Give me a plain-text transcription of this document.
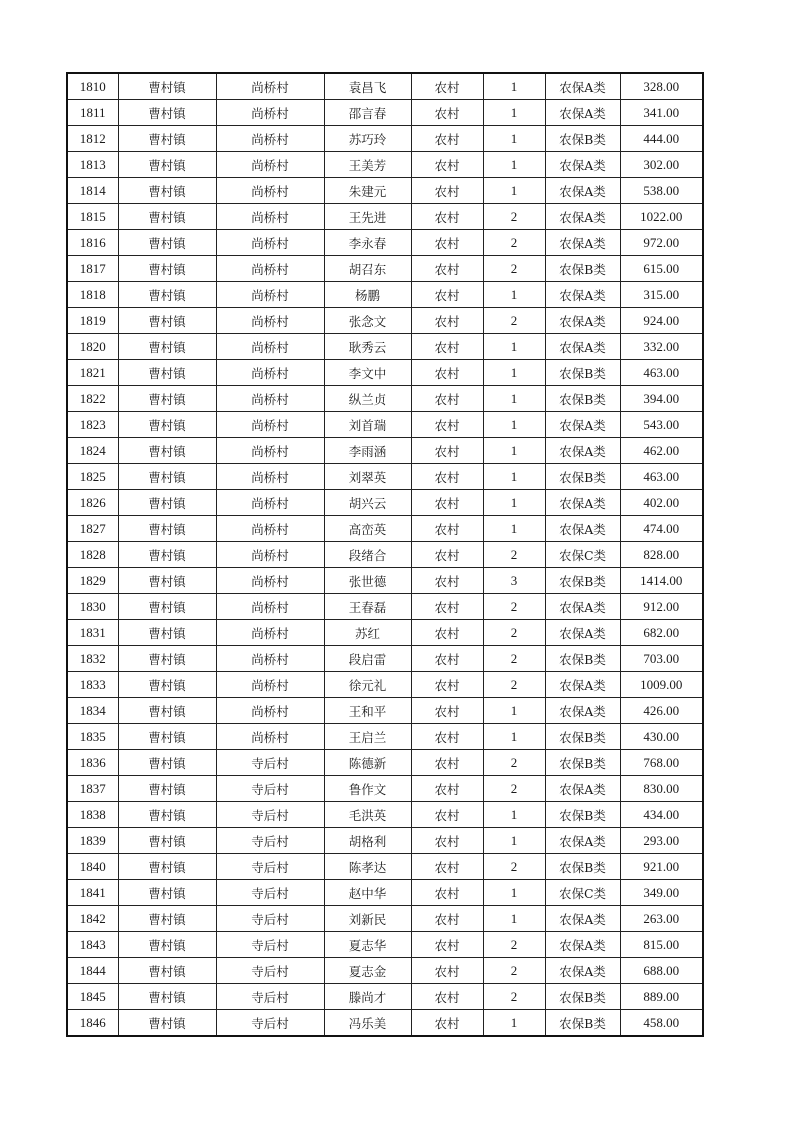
1810	曹村镇	尚桥村	袁昌飞	农村	1	农保A类	328.00
1811	曹村镇	尚桥村	邵言春	农村	1	农保A类	341.00
1812	曹村镇	尚桥村	苏巧玲	农村	1	农保B类	444.00
1813	曹村镇	尚桥村	王美芳	农村	1	农保A类	302.00
1814	曹村镇	尚桥村	朱建元	农村	1	农保A类	538.00
1815	曹村镇	尚桥村	王先进	农村	2	农保A类	1022.00
1816	曹村镇	尚桥村	李永春	农村	2	农保A类	972.00
1817	曹村镇	尚桥村	胡召东	农村	2	农保B类	615.00
1818	曹村镇	尚桥村	杨鹏	农村	1	农保A类	315.00
1819	曹村镇	尚桥村	张念文	农村	2	农保A类	924.00
1820	曹村镇	尚桥村	耿秀云	农村	1	农保A类	332.00
1821	曹村镇	尚桥村	李文中	农村	1	农保B类	463.00
1822	曹村镇	尚桥村	纵兰贞	农村	1	农保B类	394.00
1823	曹村镇	尚桥村	刘首瑞	农村	1	农保A类	543.00
1824	曹村镇	尚桥村	李雨涵	农村	1	农保A类	462.00
1825	曹村镇	尚桥村	刘翠英	农村	1	农保B类	463.00
1826	曹村镇	尚桥村	胡兴云	农村	1	农保A类	402.00
1827	曹村镇	尚桥村	高峦英	农村	1	农保A类	474.00
1828	曹村镇	尚桥村	段绪合	农村	2	农保C类	828.00
1829	曹村镇	尚桥村	张世德	农村	3	农保B类	1414.00
1830	曹村镇	尚桥村	王春磊	农村	2	农保A类	912.00
1831	曹村镇	尚桥村	苏红	农村	2	农保A类	682.00
1832	曹村镇	尚桥村	段启雷	农村	2	农保B类	703.00
1833	曹村镇	尚桥村	徐元礼	农村	2	农保A类	1009.00
1834	曹村镇	尚桥村	王和平	农村	1	农保A类	426.00
1835	曹村镇	尚桥村	王启兰	农村	1	农保B类	430.00
1836	曹村镇	寺后村	陈德新	农村	2	农保B类	768.00
1837	曹村镇	寺后村	鲁作文	农村	2	农保A类	830.00
1838	曹村镇	寺后村	毛洪英	农村	1	农保B类	434.00
1839	曹村镇	寺后村	胡格利	农村	1	农保A类	293.00
1840	曹村镇	寺后村	陈孝达	农村	2	农保B类	921.00
1841	曹村镇	寺后村	赵中华	农村	1	农保C类	349.00
1842	曹村镇	寺后村	刘新民	农村	1	农保A类	263.00
1843	曹村镇	寺后村	夏志华	农村	2	农保A类	815.00
1844	曹村镇	寺后村	夏志金	农村	2	农保A类	688.00
1845	曹村镇	寺后村	滕尚才	农村	2	农保B类	889.00
1846	曹村镇	寺后村	冯乐美	农村	1	农保B类	458.00
